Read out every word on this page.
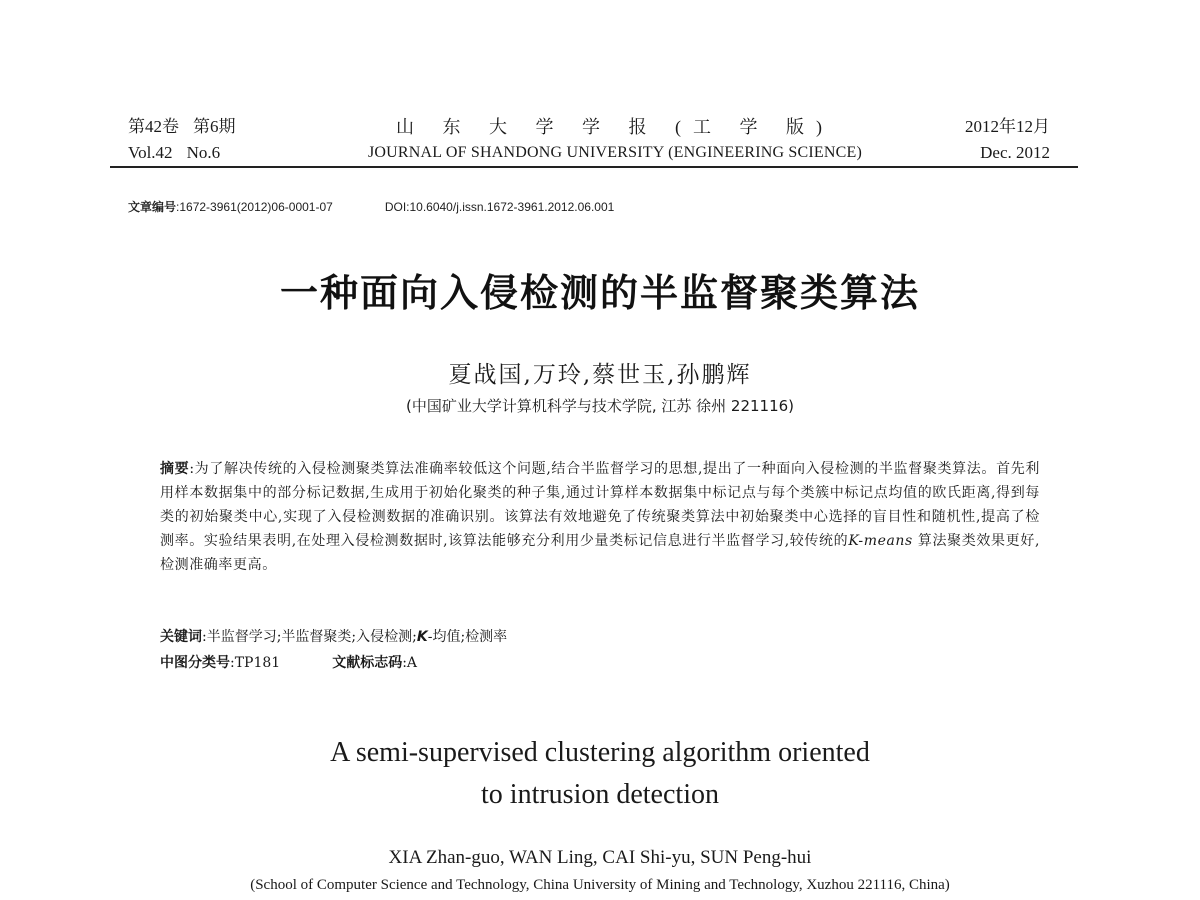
第42卷 第6期
Vol.42 No.6
山 东 大 学 学 报 (工 学 版)
JOURNAL OF SHANDONG UNIVERSITY (ENGINEERING SCIENCE)
2012年12月
Dec. 2012
文章编号:1672-3961(2012)06-0001-07	DOI:10.6040/j.issn.1672-3961.2012.06.001
一种面向入侵检测的半监督聚类算法
夏战国,万玲,蔡世玉,孙鹏辉
(中国矿业大学计算机科学与技术学院, 江苏 徐州 221116)
摘要:为了解决传统的入侵检测聚类算法准确率较低这个问题,结合半监督学习的思想,提出了一种面向入侵检测的半监督聚类算法。首先利用样本数据集中的部分标记数据,生成用于初始化聚类的种子集,通过计算样本数据集中标记点与每个类簇中标记点均值的欧氏距离,得到每类的初始聚类中心,实现了入侵检测数据的准确识别。该算法有效地避免了传统聚类算法中初始聚类中心选择的盲目性和随机性,提高了检测率。实验结果表明,在处理入侵检测数据时,该算法能够充分利用少量类标记信息进行半监督学习,较传统的K-means 算法聚类效果更好,检测准确率更高。
关键词:半监督学习;半监督聚类;入侵检测;K-均值;检测率
中图分类号:TP181	文献标志码:A
A semi-supervised clustering algorithm oriented
to intrusion detection
XIA Zhan-guo, WAN Ling, CAI Shi-yu, SUN Peng-hui
(School of Computer Science and Technology, China University of Mining and Technology, Xuzhou 221116, China)
